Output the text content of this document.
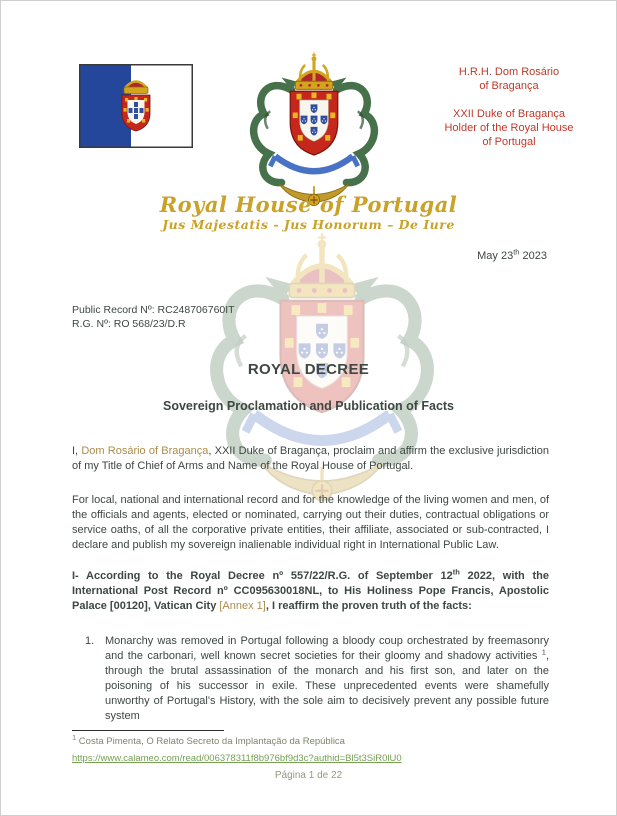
H.R.H. Dom Rosário
of Bragança
XXII Duke of Bragança
Holder of the Royal House
of Portugal
Royal House of Portugal
Jus Majestatis - Jus Honorum – De Iure
May 23th 2023
Public Record Nº: RC248706760IT
R.G. Nº: RO 568/23/D.R
ROYAL DECREE
Sovereign Proclamation and Publication of Facts

I, Dom Rosário of Bragança, XXII Duke of Bragança, proclaim and affirm the exclusive jurisdiction of my Title of Chief of Arms and Name of the Royal House of Portugal.

For local, national and international record and for the knowledge of the living women and men, of the officials and agents, elected or nominated, carrying out their duties, contractual obligations or service oaths, of all the corporative private entities, their affiliate, associated or sub-contracted, I declare and publish my sovereign inalienable individual right in International Public Law.

I- According to the Royal Decree nº 557/22/R.G. of September 12th 2022, with the International Post Record nº CC095630018NL, to His Holiness Pope Francis, Apostolic Palace [00120], Vatican City [Annex 1], I reaffirm the proven truth of the facts:

1. Monarchy was removed in Portugal following a bloody coup orchestrated by freemasonry and the carbonari, well known secret societies for their gloomy and shadowy activities $^1$, through the brutal assassination of the monarch and his first son, and later on the poisoning of his successor in exile. These unprecedented events were shamefully unworthy of Portugal's History, with the sole aim to decisively prevent any possible future system
$^1$ Costa Pimenta, O Relato Secreto da Implantação da República
https://www.calameo.com/read/006378311f8b976bf9d3c?authid=Bl5t3SiR0lU0
Página 1 de 22
